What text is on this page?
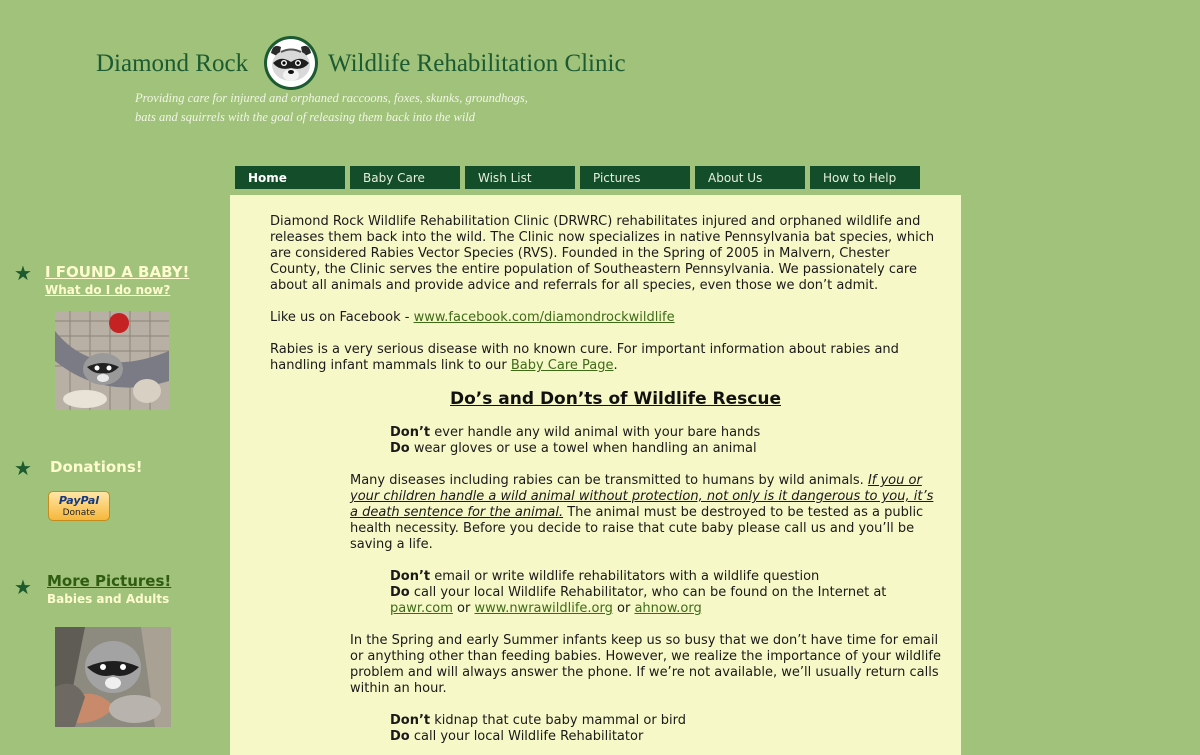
Diamond Rock	Wildlife Rehabilitation Clinic
Providing care for injured and orphaned raccoons, foxes, skunks, groundhogs,
bats and squirrels with the goal of releasing them back into the wild
Home	Baby Care	Wish List	Pictures	About Us	How to Help
★ I FOUND A BABY!
What do I do now?
★ Donations!
PayPal
Donate
★ More Pictures!
Babies and Adults
Diamond Rock Wildlife Rehabilitation Clinic (DRWRC) rehabilitates injured and orphaned wildlife and
releases them back into the wild. The Clinic now specializes in native Pennsylvania bat species, which
are considered Rabies Vector Species (RVS). Founded in the Spring of 2005 in Malvern, Chester
County, the Clinic serves the entire population of Southeastern Pennsylvania. We passionately care
about all animals and provide advice and referrals for all species, even those we don’t admit.
Like us on Facebook - www.facebook.com/diamondrockwildlife
Rabies is a very serious disease with no known cure. For important information about rabies and
handling infant mammals link to our Baby Care Page.
Do’s and Don’ts of Wildlife Rescue
Don’t ever handle any wild animal with your bare hands
Do wear gloves or use a towel when handling an animal
Many diseases including rabies can be transmitted to humans by wild animals. If you or
your children handle a wild animal without protection, not only is it dangerous to you, it’s
a death sentence for the animal. The animal must be destroyed to be tested as a public
health necessity. Before you decide to raise that cute baby please call us and you’ll be
saving a life.
Don’t email or write wildlife rehabilitators with a wildlife question
Do call your local Wildlife Rehabilitator, who can be found on the Internet at
pawr.com or www.nwrawildlife.org or ahnow.org
In the Spring and early Summer infants keep us so busy that we don’t have time for email
or anything other than feeding babies. However, we realize the importance of your wildlife
problem and will always answer the phone. If we’re not available, we’ll usually return calls
within an hour.
Don’t kidnap that cute baby mammal or bird
Do call your local Wildlife Rehabilitator
